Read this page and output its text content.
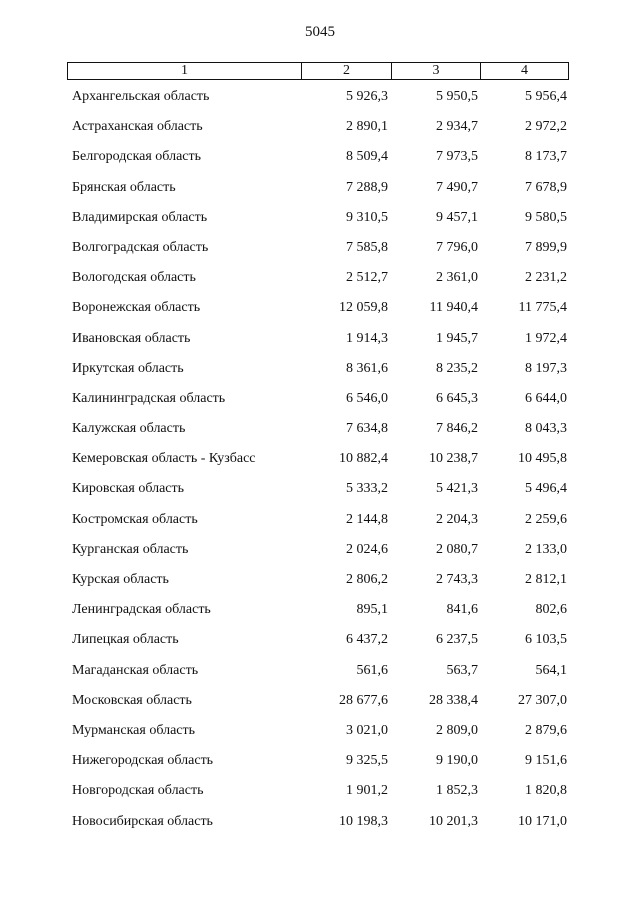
5045
1	2	3	4
Архангельская область	5 926,3	5 950,5	5 956,4
Астраханская область	2 890,1	2 934,7	2 972,2
Белгородская область	8 509,4	7 973,5	8 173,7
Брянская область	7 288,9	7 490,7	7 678,9
Владимирская область	9 310,5	9 457,1	9 580,5
Волгоградская область	7 585,8	7 796,0	7 899,9
Вологодская область	2 512,7	2 361,0	2 231,2
Воронежская область	12 059,8	11 940,4	11 775,4
Ивановская область	1 914,3	1 945,7	1 972,4
Иркутская область	8 361,6	8 235,2	8 197,3
Калининградская область	6 546,0	6 645,3	6 644,0
Калужская область	7 634,8	7 846,2	8 043,3
Кемеровская область - Кузбасс	10 882,4	10 238,7	10 495,8
Кировская область	5 333,2	5 421,3	5 496,4
Костромская область	2 144,8	2 204,3	2 259,6
Курганская область	2 024,6	2 080,7	2 133,0
Курская область	2 806,2	2 743,3	2 812,1
Ленинградская область	895,1	841,6	802,6
Липецкая область	6 437,2	6 237,5	6 103,5
Магаданская область	561,6	563,7	564,1
Московская область	28 677,6	28 338,4	27 307,0
Мурманская область	3 021,0	2 809,0	2 879,6
Нижегородская область	9 325,5	9 190,0	9 151,6
Новгородская область	1 901,2	1 852,3	1 820,8
Новосибирская область	10 198,3	10 201,3	10 171,0
